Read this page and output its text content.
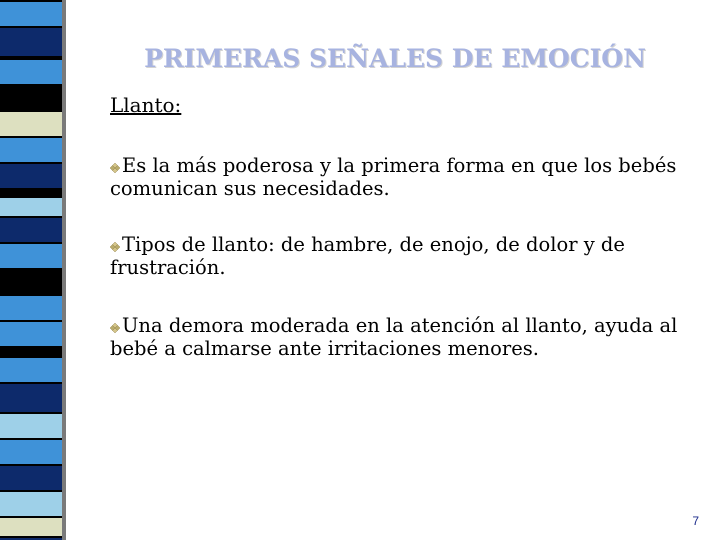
PRIMERAS SEÑALES DE EMOCIÓN
Llanto:
Es la más poderosa y la primera forma en que los bebés comunican sus necesidades.
Tipos de llanto: de hambre, de enojo, de dolor y de frustración.
Una demora moderada en la atención al llanto, ayuda al bebé a calmarse ante irritaciones menores.
7
